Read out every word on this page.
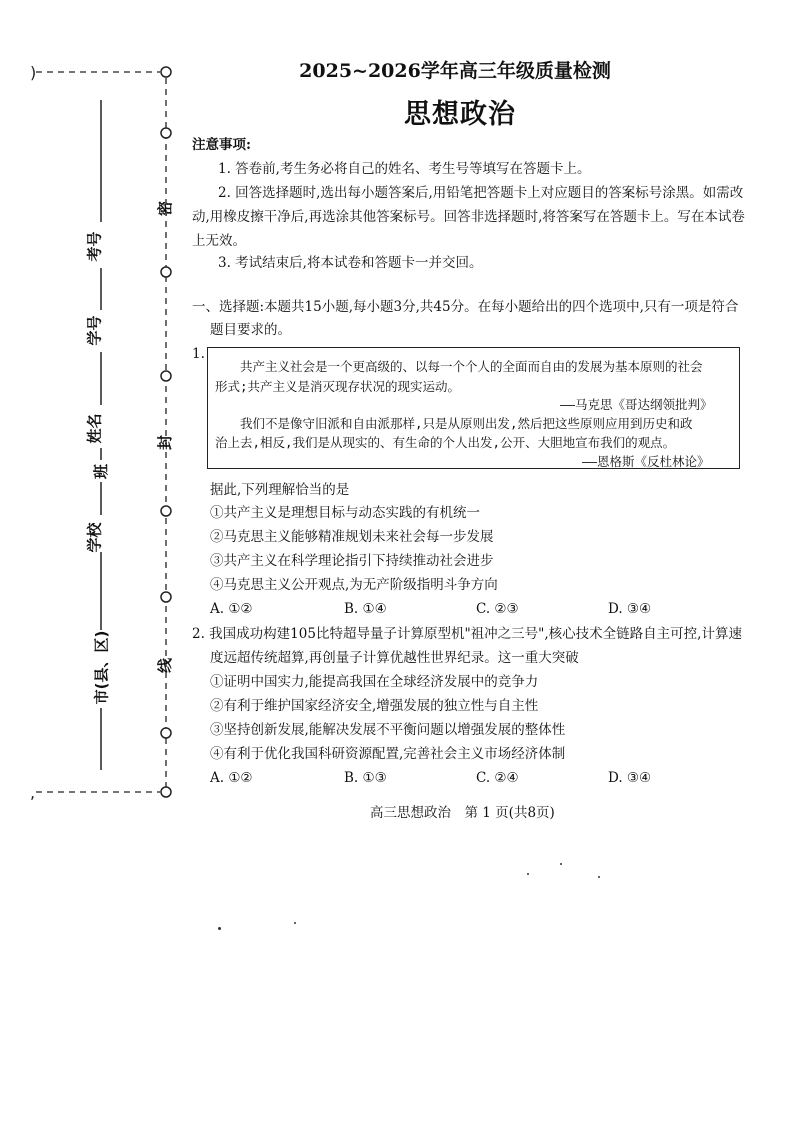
)
,
市(县、区)
学校
班
姓名
学号
考号
密
封
线
2025~2026学年高三年级质量检测
思想政治
注意事项:
1. 答卷前,考生务必将自己的姓名、考生号等填写在答题卡上。
2. 回答选择题时,选出每小题答案后,用铅笔把答题卡上对应题目的答案标号涂黑。如需改
动,用橡皮擦干净后,再选涂其他答案标号。回答非选择题时,将答案写在答题卡上。写在本试卷
上无效。
3. 考试结束后,将本试卷和答题卡一并交回。
一、选择题:本题共15小题,每小题3分,共45分。在每小题给出的四个选项中,只有一项是符合
题目要求的。
1.
共产主义社会是一个更高级的、以每一个个人的全面而自由的发展为基本原则的社会
形式;共产主义是消灭现存状况的现实运动。
——马克思《哥达纲领批判》
我们不是像守旧派和自由派那样,只是从原则出发,然后把这些原则应用到历史和政
治上去,相反,我们是从现实的、有生命的个人出发,公开、大胆地宣布我们的观点。
——恩格斯《反杜林论》
据此,下列理解恰当的是
①共产主义是理想目标与动态实践的有机统一
②马克思主义能够精准规划未来社会每一步发展
③共产主义在科学理论指引下持续推动社会进步
④马克思主义公开观点,为无产阶级指明斗争方向
A. ①②	B. ①④	C. ②③	D. ③④
2. 我国成功构建105比特超导量子计算原型机"祖冲之三号",核心技术全链路自主可控,计算速
度远超传统超算,再创量子计算优越性世界纪录。这一重大突破
①证明中国实力,能提高我国在全球经济发展中的竞争力
②有利于维护国家经济安全,增强发展的独立性与自主性
③坚持创新发展,能解决发展不平衡问题以增强发展的整体性
④有利于优化我国科研资源配置,完善社会主义市场经济体制
A. ①②	B. ①③	C. ②④	D. ③④
高三思想政治　第 1 页(共8页)
